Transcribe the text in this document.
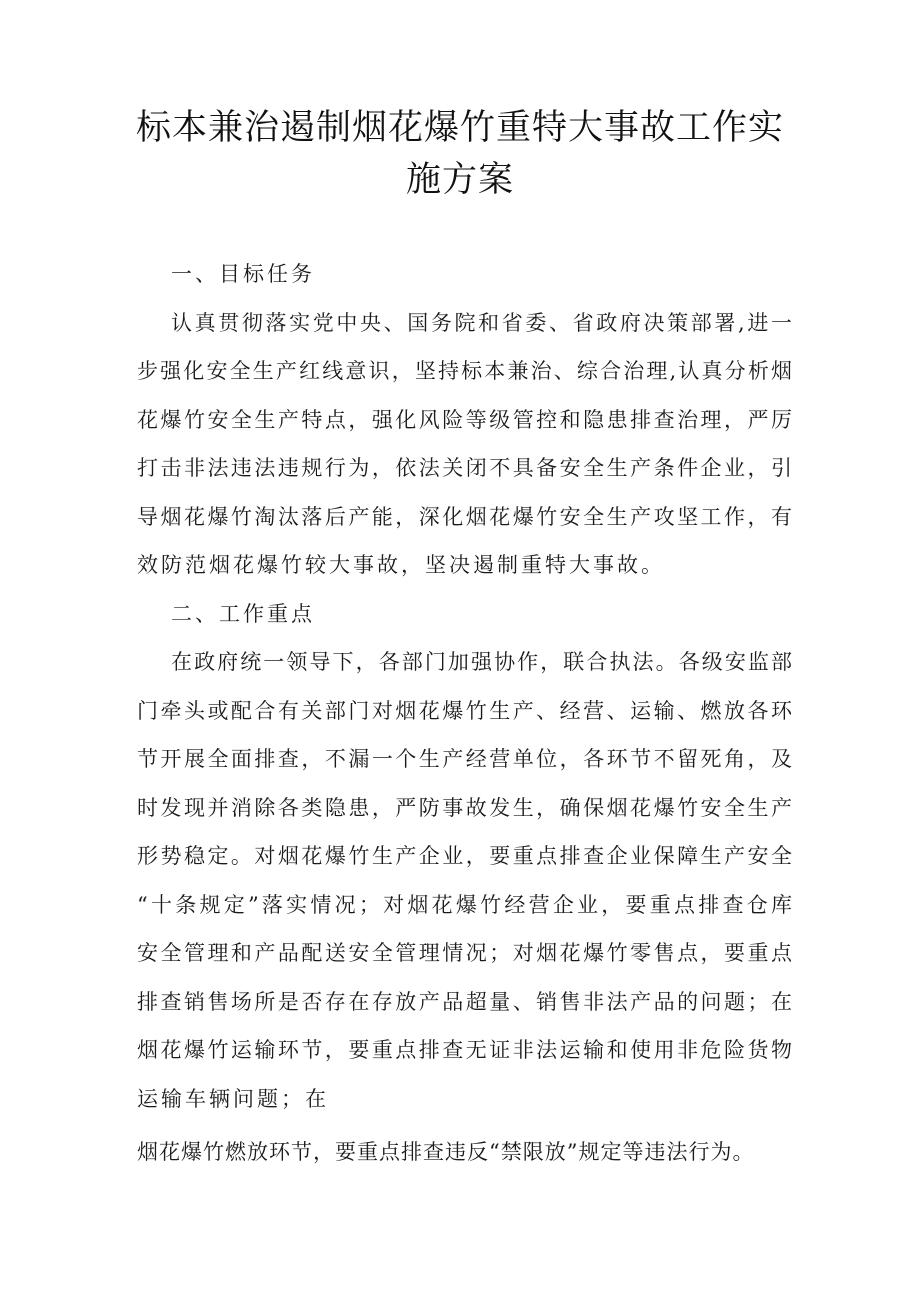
标本兼治遏制烟花爆竹重特大事故工作实
施方案
一、目标任务
认真贯彻落实党中央、国务院和省委、省政府决策部署,进一
步强化安全生产红线意识，坚持标本兼治、综合治理,认真分析烟
花爆竹安全生产特点，强化风险等级管控和隐患排查治理，严厉
打击非法违法违规行为，依法关闭不具备安全生产条件企业，引
导烟花爆竹淘汰落后产能，深化烟花爆竹安全生产攻坚工作，有
效防范烟花爆竹较大事故，坚决遏制重特大事故。
二、工作重点
在政府统一领导下，各部门加强协作，联合执法。各级安监部
门牵头或配合有关部门对烟花爆竹生产、经营、运输、燃放各环
节开展全面排查，不漏一个生产经营单位，各环节不留死角，及
时发现并消除各类隐患，严防事故发生，确保烟花爆竹安全生产
形势稳定。对烟花爆竹生产企业，要重点排查企业保障生产安全
“十条规定”落实情况；对烟花爆竹经营企业，要重点排查仓库
安全管理和产品配送安全管理情况；对烟花爆竹零售点，要重点
排查销售场所是否存在存放产品超量、销售非法产品的问题；在
烟花爆竹运输环节，要重点排查无证非法运输和使用非危险货物
运输车辆问题；在
烟花爆竹燃放环节，要重点排查违反“禁限放”规定等违法行为。
